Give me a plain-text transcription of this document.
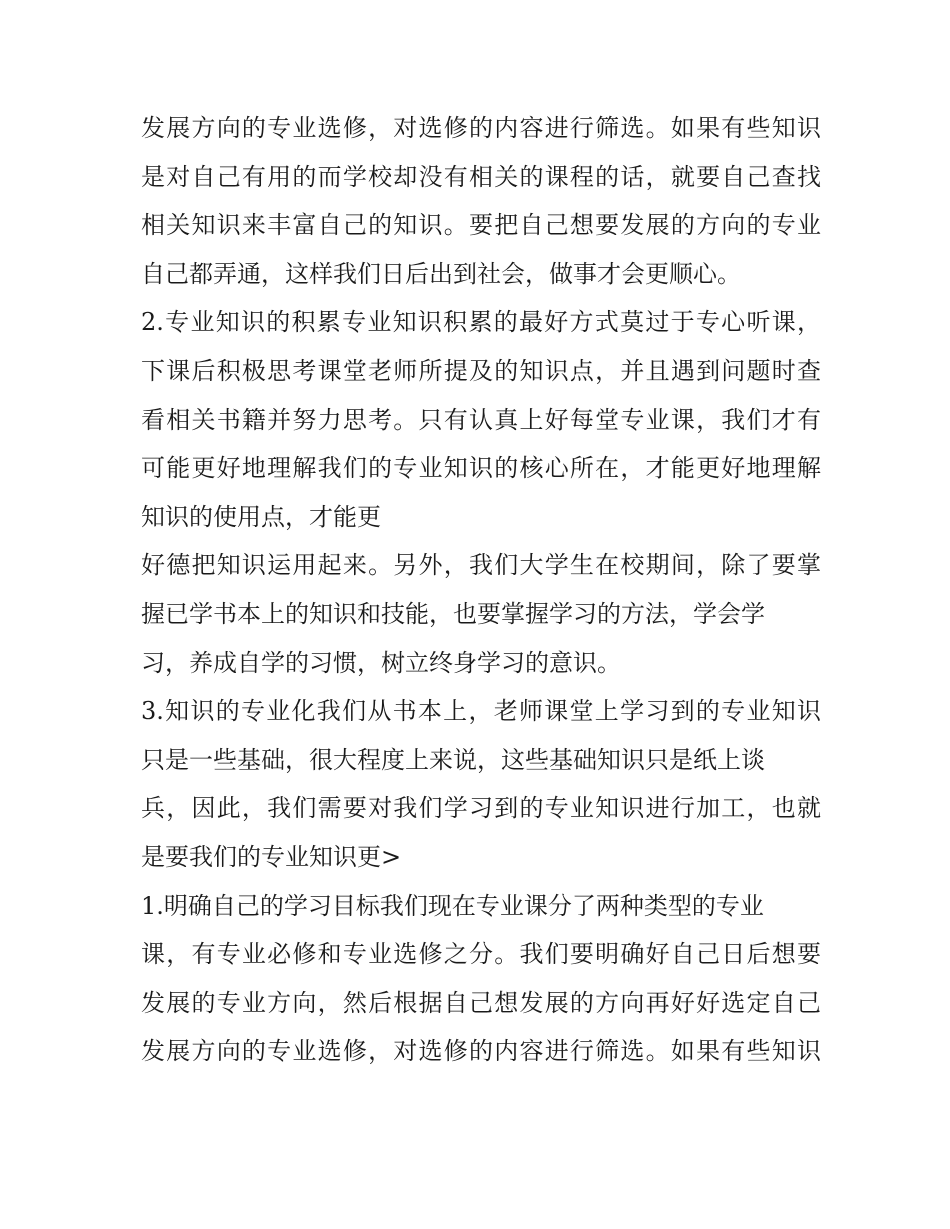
发展方向的专业选修，对选修的内容进行筛选。如果有些知识
是对自己有用的而学校却没有相关的课程的话，就要自己查找
相关知识来丰富自己的知识。要把自己想要发展的方向的专业
自己都弄通，这样我们日后出到社会，做事才会更顺心。
2.专业知识的积累专业知识积累的最好方式莫过于专心听课，
下课后积极思考课堂老师所提及的知识点，并且遇到问题时查
看相关书籍并努力思考。只有认真上好每堂专业课，我们才有
可能更好地理解我们的专业知识的核心所在，才能更好地理解
知识的使用点，才能更
好德把知识运用起来。另外，我们大学生在校期间，除了要掌
握已学书本上的知识和技能，也要掌握学习的方法，学会学
习，养成自学的习惯，树立终身学习的意识。
3.知识的专业化我们从书本上，老师课堂上学习到的专业知识
只是一些基础，很大程度上来说，这些基础知识只是纸上谈
兵，因此，我们需要对我们学习到的专业知识进行加工，也就
是要我们的专业知识更>
1.明确自己的学习目标我们现在专业课分了两种类型的专业
课，有专业必修和专业选修之分。我们要明确好自己日后想要
发展的专业方向，然后根据自己想发展的方向再好好选定自己
发展方向的专业选修，对选修的内容进行筛选。如果有些知识
